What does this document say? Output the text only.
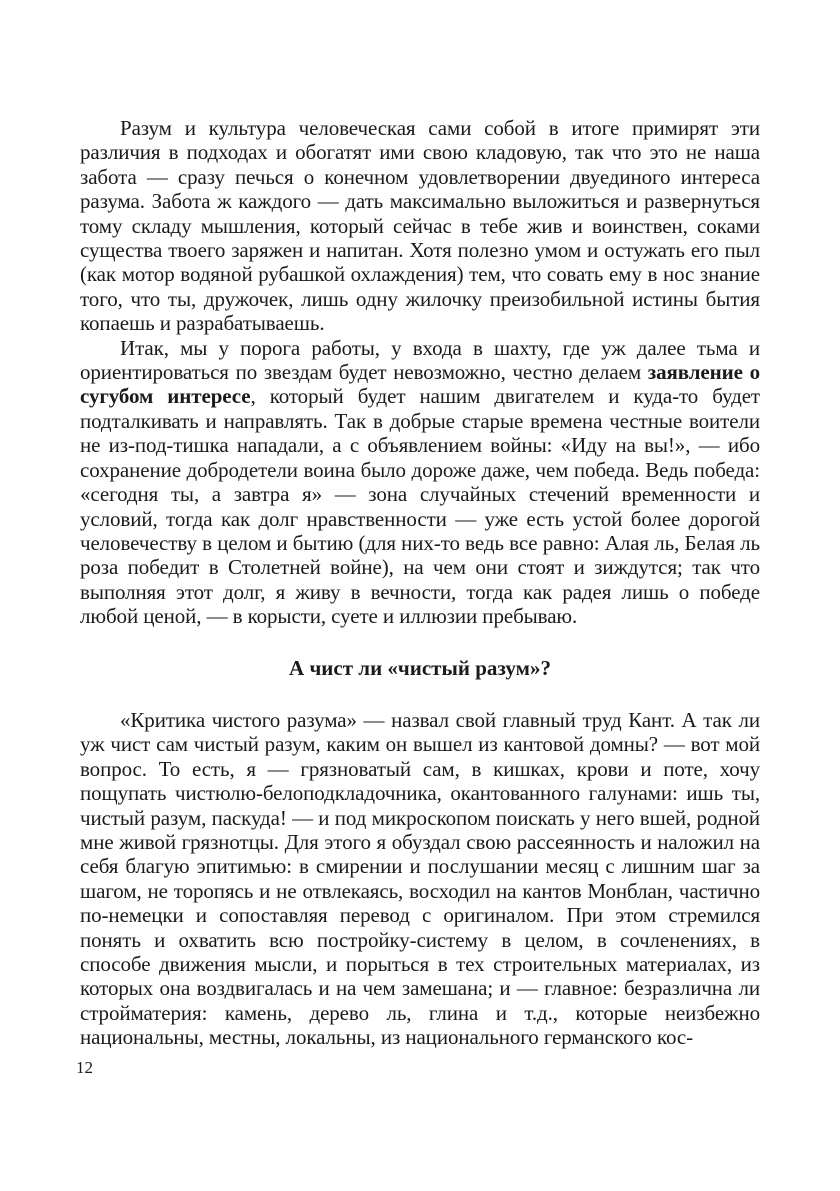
Разум и культура человеческая сами собой в итоге примирят эти различия в подходах и обогатят ими свою кладовую, так что это не наша забота — сразу печься о конечном удовлетворении двуединого интереса разума. Забота ж каждого — дать максимально выложиться и развернуться тому складу мышления, который сейчас в тебе жив и воинствен, соками существа твоего заряжен и напитан. Хотя полезно умом и остужать его пыл (как мотор водяной рубашкой охлаждения) тем, что совать ему в нос знание того, что ты, дружочек, лишь одну жилочку преизобильной истины бытия копаешь и разрабатываешь.

Итак, мы у порога работы, у входа в шахту, где уж далее тьма и ориентироваться по звездам будет невозможно, честно делаем заявление о сугубом интересе, который будет нашим двигателем и куда-то будет подталкивать и направлять. Так в добрые старые времена честные воители не из-под-тишка нападали, а с объявлением войны: «Иду на вы!», — ибо сохранение добродетели воина было дороже даже, чем победа. Ведь победа: «сегодня ты, а завтра я» — зона случайных стечений временности и условий, тогда как долг нравственности — уже есть устой более дорогой человечеству в целом и бытию (для них-то ведь все равно: Алая ль, Белая ль роза победит в Столетней войне), на чем они стоят и зиждутся; так что выполняя этот долг, я живу в вечности, тогда как радея лишь о победе любой ценой, — в корысти, суете и иллюзии пребываю.

А чист ли «чистый разум»?

«Критика чистого разума» — назвал свой главный труд Кант. А так ли уж чист сам чистый разум, каким он вышел из кантовой домны? — вот мой вопрос. То есть, я — грязноватый сам, в кишках, крови и поте, хочу пощупать чистюлю-белоподкладочника, окантованного галунами: ишь ты, чистый разум, паскуда! — и под микроскопом поискать у него вшей, родной мне живой грязнотцы. Для этого я обуздал свою рассеянность и наложил на себя благую эпитимью: в смирении и послушании месяц с лишним шаг за шагом, не торопясь и не отвлекаясь, восходил на кантов Монблан, частично по-немецки и сопоставляя перевод с оригиналом. При этом стремился понять и охватить всю постройку-систему в целом, в сочленениях, в способе движения мысли, и порыться в тех строительных материалах, из которых она воздвигалась и на чем замешана; и — главное: безразлична ли стройматерия: камень, дерево ль, глина и т.д., которые неизбежно национальны, местны, локальны, из национального германского кос-

12
